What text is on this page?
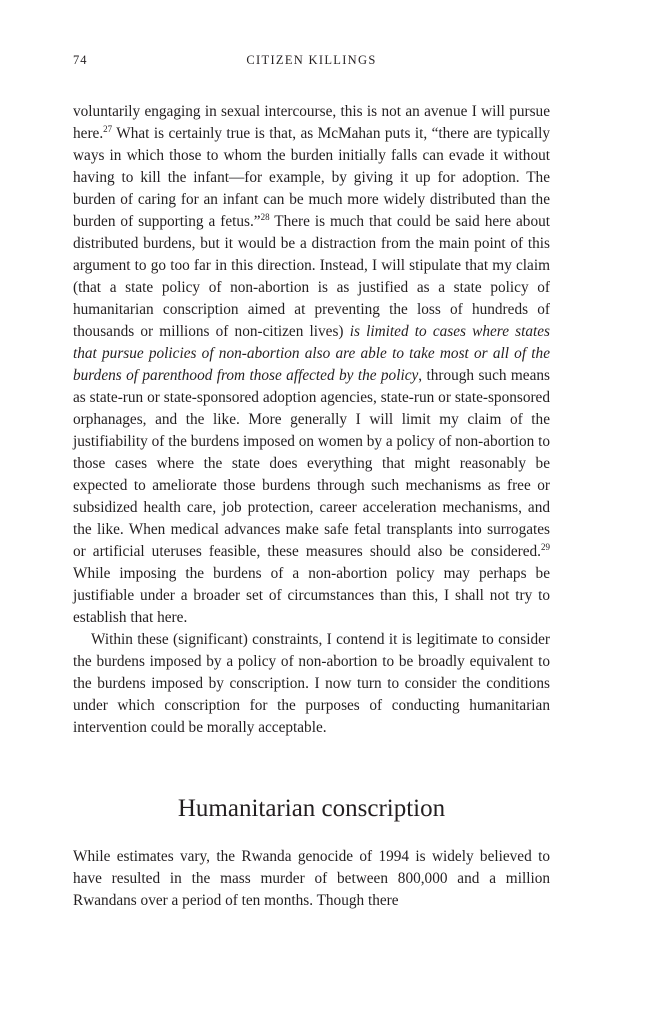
74	CITIZEN KILLINGS

voluntarily engaging in sexual intercourse, this is not an avenue I will pursue here.$^{27}$ What is certainly true is that, as McMahan puts it, “there are typically ways in which those to whom the burden initially falls can evade it without having to kill the infant—for example, by giving it up for adoption. The burden of caring for an infant can be much more widely distributed than the burden of supporting a fetus.”$^{28}$ There is much that could be said here about distributed burdens, but it would be a distraction from the main point of this argument to go too far in this direction. Instead, I will stipulate that my claim (that a state policy of non-abortion is as justified as a state policy of humanitarian conscription aimed at preventing the loss of hundreds of thousands or millions of non-citizen lives) is limited to cases where states that pursue policies of non-abortion also are able to take most or all of the burdens of parenthood from those affected by the policy, through such means as state-run or state-sponsored adoption agencies, state-run or state-sponsored orphanages, and the like. More generally I will limit my claim of the justifiability of the burdens imposed on women by a policy of non-abortion to those cases where the state does everything that might reasonably be expected to ameliorate those burdens through such mechanisms as free or subsidized health care, job protection, career acceleration mechanisms, and the like. When medical advances make safe fetal transplants into surrogates or artificial uteruses feasible, these measures should also be considered.$^{29}$ While imposing the burdens of a non-abortion policy may perhaps be justifiable under a broader set of circumstances than this, I shall not try to establish that here.

Within these (significant) constraints, I contend it is legitimate to consider the burdens imposed by a policy of non-abortion to be broadly equivalent to the burdens imposed by conscription. I now turn to consider the conditions under which conscription for the purposes of conducting humanitarian intervention could be morally acceptable.

Humanitarian conscription

While estimates vary, the Rwanda genocide of 1994 is widely believed to have resulted in the mass murder of between 800,000 and a million Rwandans over a period of ten months. Though there
